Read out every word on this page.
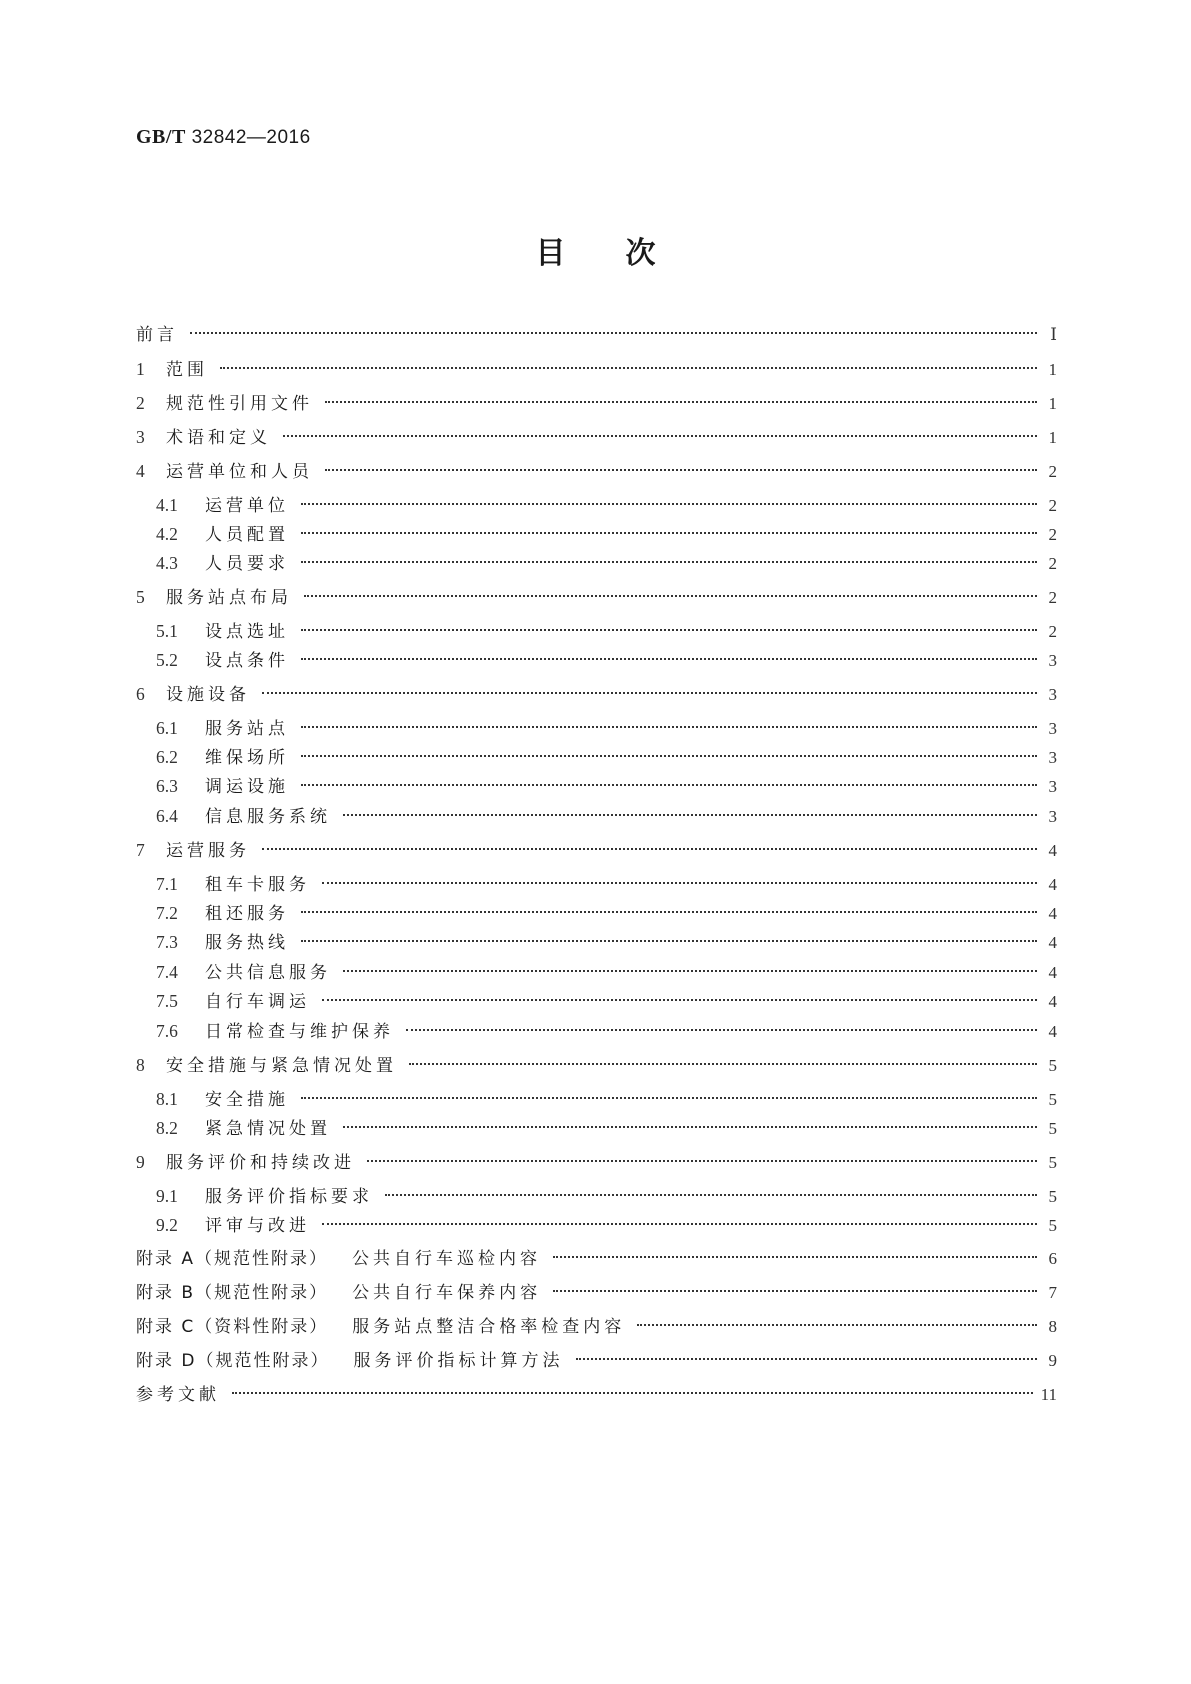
GB/T 32842—2016
目次
前言	Ⅰ
1	范围	1
2	规范性引用文件	1
3	术语和定义	1
4	运营单位和人员	2
4.1	运营单位	2
4.2	人员配置	2
4.3	人员要求	2
5	服务站点布局	2
5.1	设点选址	2
5.2	设点条件	3
6	设施设备	3
6.1	服务站点	3
6.2	维保场所	3
6.3	调运设施	3
6.4	信息服务系统	3
7	运营服务	4
7.1	租车卡服务	4
7.2	租还服务	4
7.3	服务热线	4
7.4	公共信息服务	4
7.5	自行车调运	4
7.6	日常检查与维护保养	4
8	安全措施与紧急情况处置	5
8.1	安全措施	5
8.2	紧急情况处置	5
9	服务评价和持续改进	5
9.1	服务评价指标要求	5
9.2	评审与改进	5
附录 A（规范性附录） 公共自行车巡检内容	6
附录 B（规范性附录） 公共自行车保养内容	7
附录 C（资料性附录） 服务站点整洁合格率检查内容	8
附录 D（规范性附录） 服务评价指标计算方法	9
参考文献	11
